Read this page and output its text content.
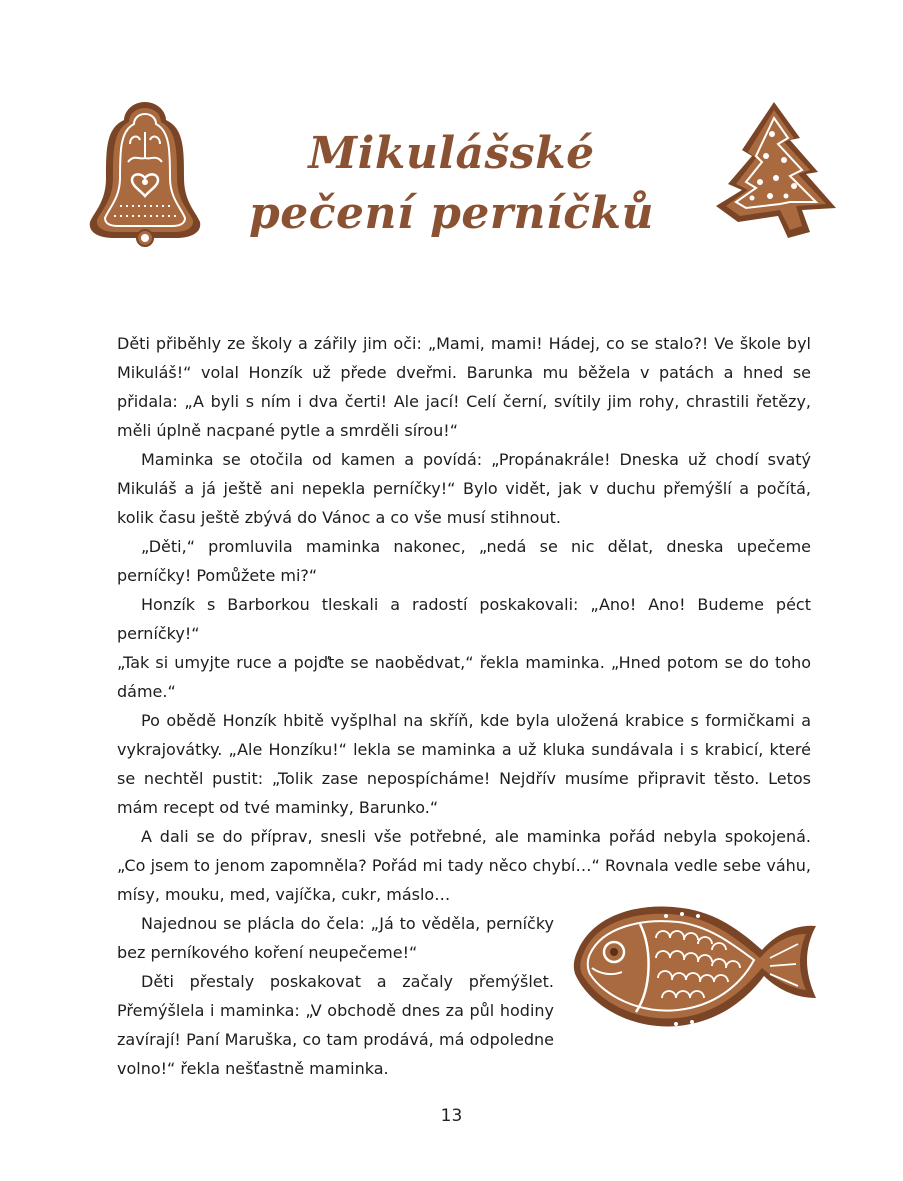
Mikulášské
pečení perníčků

Děti přiběhly ze školy a zářily jim oči: „Mami, mami! Hádej, co se stalo?! Ve škole byl Mikuláš!“ volal Honzík už přede dveřmi. Barunka mu běžela v patách a hned se přidala: „A byli s ním i dva čerti! Ale jací! Celí černí, svítily jim rohy, chrastili řetězy, měli úplně nacpané pytle a smrděli sírou!“

Maminka se otočila od kamen a povídá: „Propánakrále! Dneska už chodí svatý Mikuláš a já ještě ani nepekla perníčky!“ Bylo vidět, jak v duchu přemýšlí a počítá, kolik času ještě zbývá do Vánoc a co vše musí stihnout.

„Děti,“ promluvila maminka nakonec, „nedá se nic dělat, dneska upečeme perníčky! Pomůžete mi?“

Honzík s Barborkou tleskali a radostí poskakovali: „Ano! Ano! Budeme péct perníčky!“

„Tak si umyjte ruce a pojďte se naobědvat,“ řekla maminka. „Hned potom se do toho dáme.“

Po obědě Honzík hbitě vyšplhal na skříň, kde byla uložená krabice s formičkami a vykrajovátky. „Ale Honzíku!“ lekla se maminka a už kluka sundávala i s krabicí, které se nechtěl pustit: „Tolik zase nepospícháme! Nejdřív musíme připravit těsto. Letos mám recept od tvé maminky, Barunko.“

A dali se do příprav, snesli vše potřebné, ale maminka pořád nebyla spokojená. „Co jsem to jenom zapomněla? Pořád mi tady něco chybí…“ Rovnala vedle sebe váhu, mísy, mouku, med, vajíčka, cukr, máslo…

Najednou se plácla do čela: „Já to věděla, perníčky bez perníkového koření neupečeme!“

Děti přestaly poskakovat a začaly přemýšlet. Přemýšlela i maminka: „V obchodě dnes za půl hodiny zavírají! Paní Maruška, co tam prodává, má odpoledne volno!“ řekla nešťastně maminka.

13
